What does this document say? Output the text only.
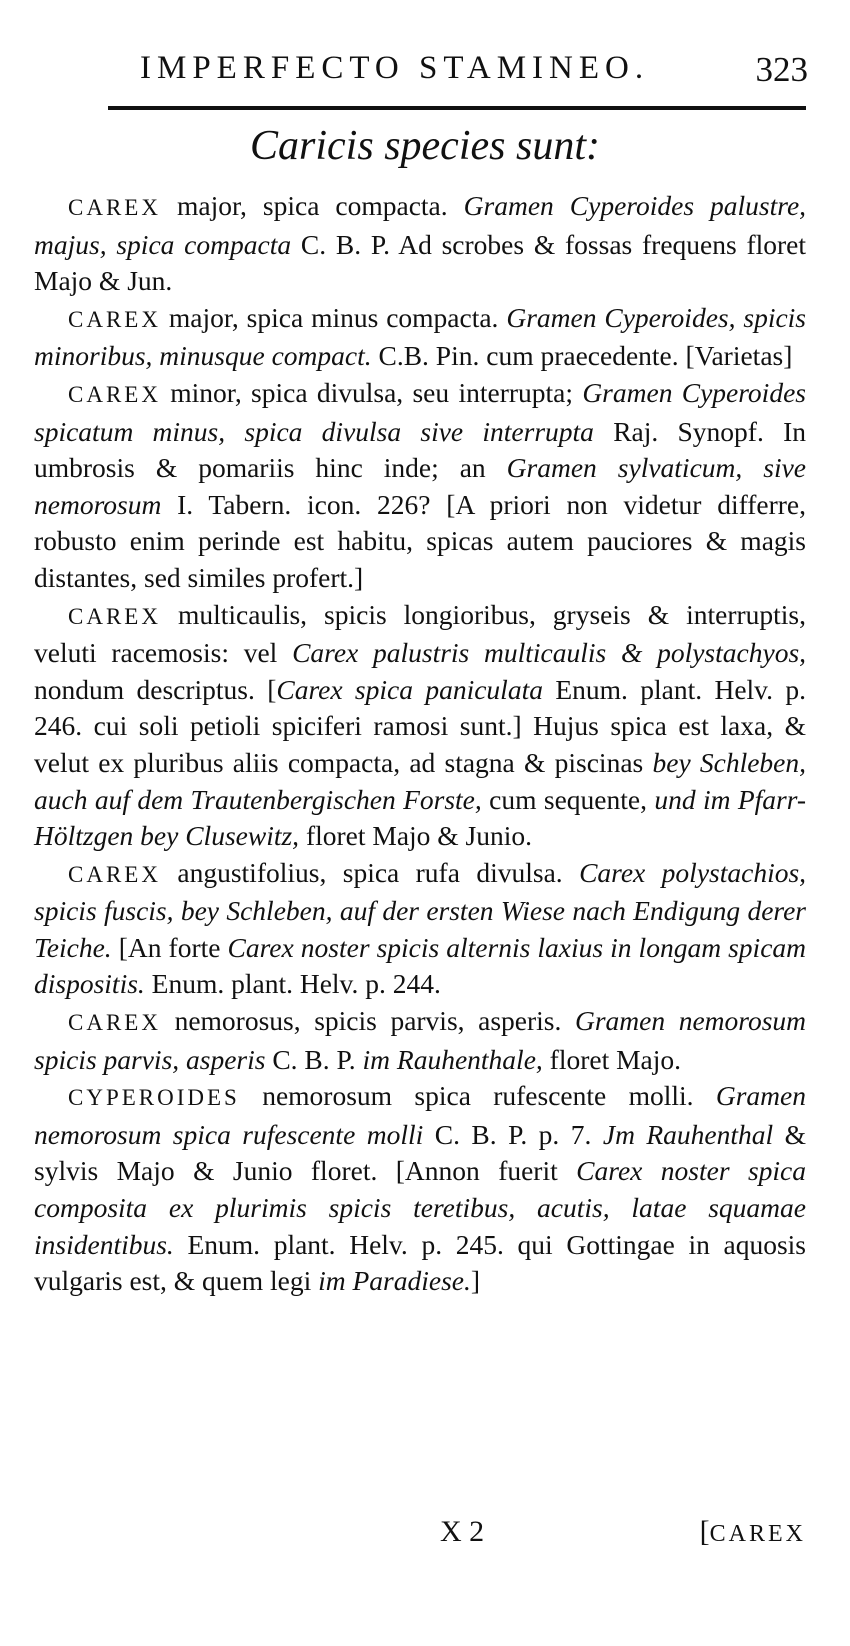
IMPERFECTO STAMINEO.	323
Caricis species sunt:

CAREX major, spica compacta. Gramen Cyperoides palustre, majus, spica compacta C. B. P. Ad scrobes & fossas frequens floret Majo & Jun.

CAREX major, spica minus compacta. Gramen Cyperoides, spicis minoribus, minusque compact. C.B. Pin. cum praecedente. [Varietas]

CAREX minor, spica divulsa, seu interrupta; Gramen Cyperoides spicatum minus, spica divulsa sive interrupta Raj. Synopf. In umbrosis & pomariis hinc inde; an Gramen sylvaticum, sive nemorosum I. Tabern. icon. 226? [A priori non videtur differre, robusto enim perinde est habitu, spicas autem pauciores & magis distantes, sed similes profert.]

CAREX multicaulis, spicis longioribus, gryseis & interruptis, veluti racemosis: vel Carex palustris multicaulis & polystachyos, nondum descriptus. [Carex spica paniculata Enum. plant. Helv. p. 246. cui soli petioli spiciferi ramosi sunt.] Hujus spica est laxa, & velut ex pluribus aliis compacta, ad stagna & piscinas bey Schleben, auch auf dem Trautenbergischen Forste, cum sequente, und im Pfarr-Höltzgen bey Clusewitz, floret Majo & Junio.

CAREX angustifolius, spica rufa divulsa. Carex polystachios, spicis fuscis, bey Schleben, auf der ersten Wiese nach Endigung derer Teiche. [An forte Carex noster spicis alternis laxius in longam spicam dispositis. Enum. plant. Helv. p. 244.

CAREX nemorosus, spicis parvis, asperis. Gramen nemorosum spicis parvis, asperis C. B. P. im Rauhenthale, floret Majo.

CYPEROIDES nemorosum spica rufescente molli. Gramen nemorosum spica rufescente molli C. B. P. p. 7. Jm Rauhenthal & sylvis Majo & Junio floret. [Annon fuerit Carex noster spica composita ex plurimis spicis teretibus, acutis, latae squamae insidentibus. Enum. plant. Helv. p. 245. qui Gottingae in aquosis vulgaris est, & quem legi im Paradiese.]

X 2	[CAREX
